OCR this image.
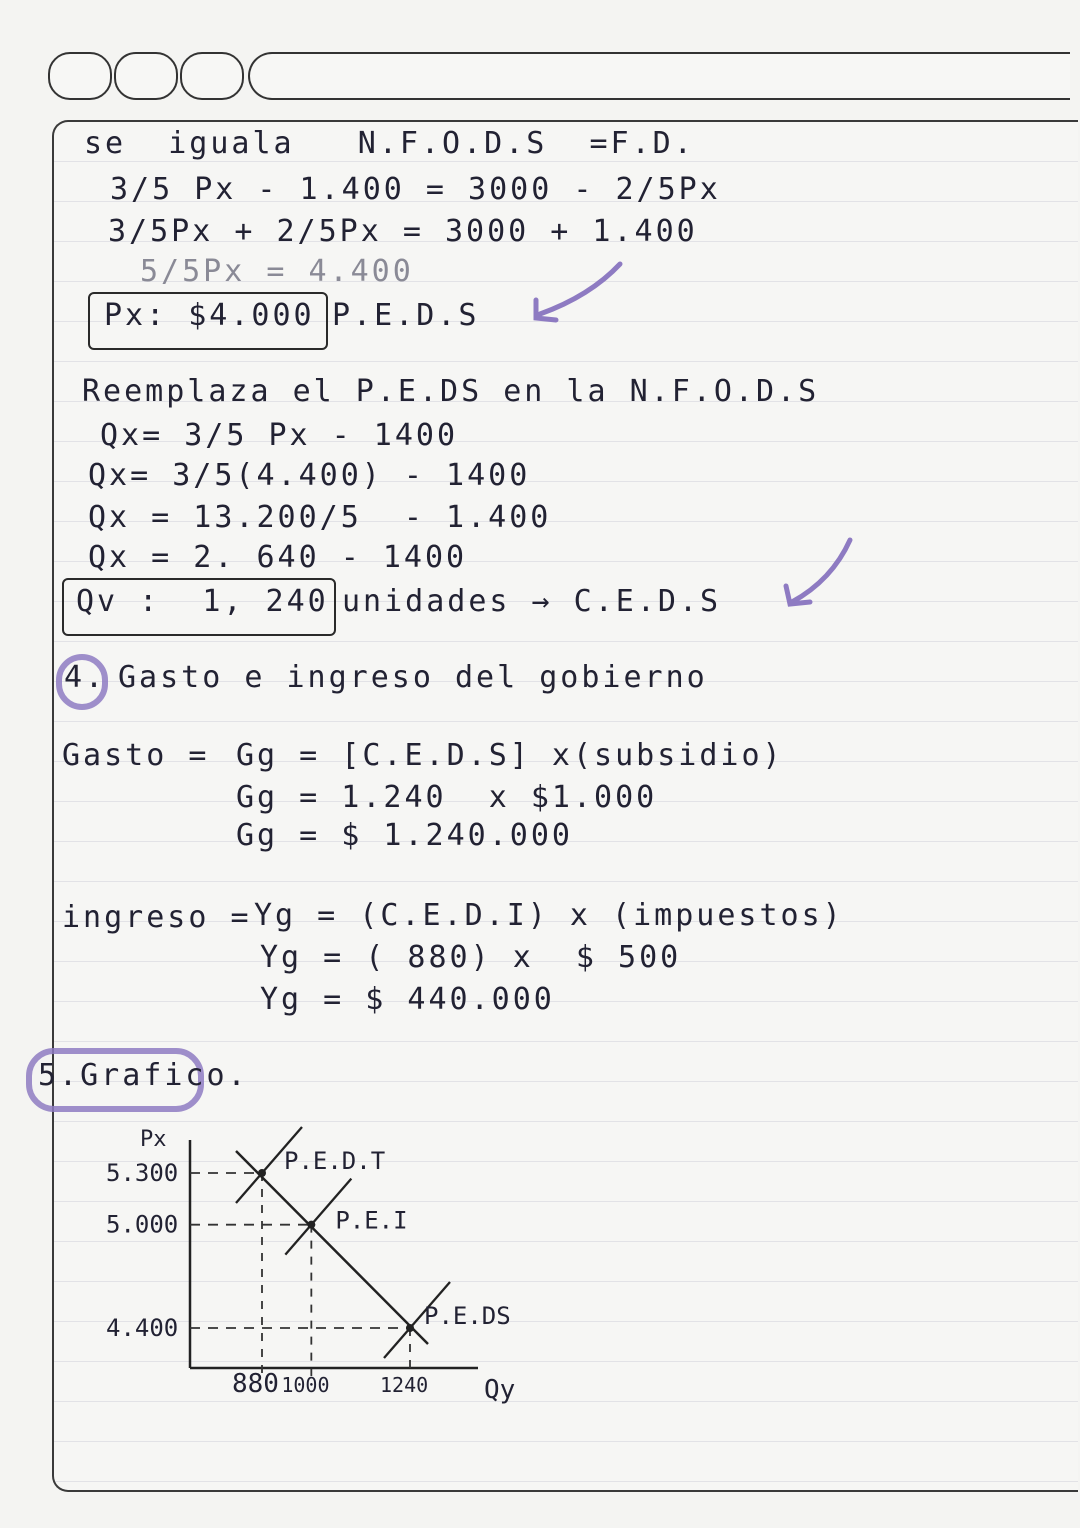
se  iguala   N.F.O.D.S  =F.D.
3/5 Px - 1.400 = 3000 - 2/5Px
3/5Px + 2/5Px = 3000 + 1.400
5/5Px = 4.400
Px: $4.000 P.E.D.S
Reemplaza el P.E.DS en la N.F.O.D.S
Qx= 3/5 Px - 1400
Qx= 3/5(4.400) - 1400
Qx = 13.200/5  - 1.400
Qx = 2. 640 - 1400
Qv :  1, 240 unidades → C.E.D.S
4. Gasto e ingreso del gobierno
Gasto = Gg = [C.E.D.S] x(subsidio)
Gg = 1.240  x $1.000
Gg = $ 1.240.000
ingreso = Yg = (C.E.D.I) x (impuestos)
Yg = ( 880) x  $ 500
Yg = $ 440.000
5.Grafico.
Px
Qy
5.300
5.000
4.400
880 1000	1240
P.E.D.T
P.E.I
P.E.DS
